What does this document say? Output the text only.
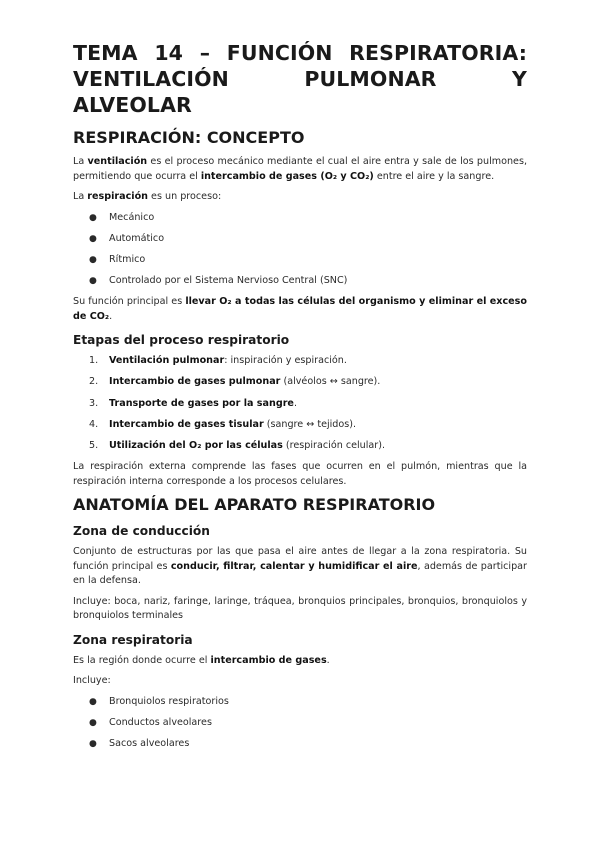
TEMA 14 – FUNCIÓN RESPIRATORIA:
VENTILACIÓN PULMONAR Y
ALVEOLAR
RESPIRACIÓN: CONCEPTO

La ventilación es el proceso mecánico mediante el cual el aire entra y sale de los pulmones, permitiendo que ocurra el intercambio de gases (O₂ y CO₂) entre el aire y la sangre.

La respiración es un proceso:

● Mecánico
● Automático
● Rítmico
● Controlado por el Sistema Nervioso Central (SNC)

Su función principal es llevar O₂ a todas las células del organismo y eliminar el exceso de CO₂.

Etapas del proceso respiratorio
1. Ventilación pulmonar: inspiración y espiración.
2. Intercambio de gases pulmonar (alvéolos ↔ sangre).
3. Transporte de gases por la sangre.
4. Intercambio de gases tisular (sangre ↔ tejidos).
5. Utilización del O₂ por las células (respiración celular).

La respiración externa comprende las fases que ocurren en el pulmón, mientras que la respiración interna corresponde a los procesos celulares.

ANATOMÍA DEL APARATO RESPIRATORIO
Zona de conducción

Conjunto de estructuras por las que pasa el aire antes de llegar a la zona respiratoria. Su función principal es conducir, filtrar, calentar y humidificar el aire, además de participar en la defensa.

Incluye: boca, nariz, faringe, laringe, tráquea, bronquios principales, bronquios, bronquiolos y bronquiolos terminales

Zona respiratoria

Es la región donde ocurre el intercambio de gases.

Incluye:

● Bronquiolos respiratorios
● Conductos alveolares
● Sacos alveolares
